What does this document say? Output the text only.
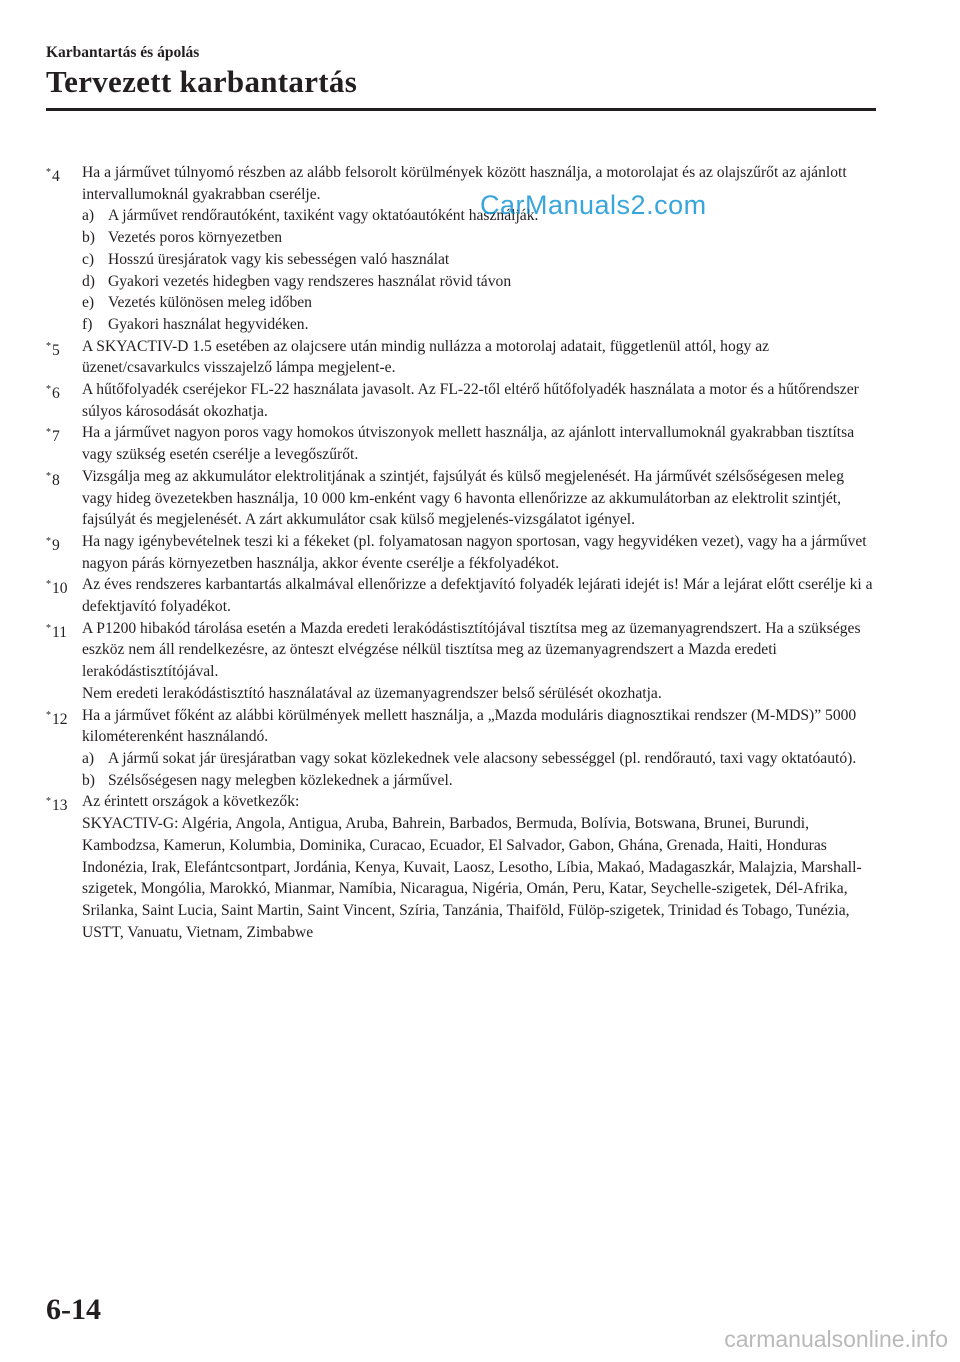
Karbantartás és ápolás
Tervezett karbantartás
*4	Ha a járművet túlnyomó részben az alább felsorolt körülmények között használja, a motorolajat és az olajszűrőt az ajánlott intervallumoknál gyakrabban cserélje.
a) A járművet rendőrautóként, taxiként vagy oktatóautóként használják.
b) Vezetés poros környezetben
c) Hosszú üresjáratok vagy kis sebességen való használat
d) Gyakori vezetés hidegben vagy rendszeres használat rövid távon
e) Vezetés különösen meleg időben
f)	Gyakori használat hegyvidéken.
*5	A SKYACTIV-D 1.5 esetében az olajcsere után mindig nullázza a motorolaj adatait, függetlenül attól, hogy az üzenet/csavarkulcs visszajelző lámpa megjelent-e.
*6	A hűtőfolyadék cseréjekor FL-22 használata javasolt. Az FL-22-től eltérő hűtőfolyadék használata a motor és a hűtőrendszer súlyos károsodását okozhatja.
*7	Ha a járművet nagyon poros vagy homokos útviszonyok mellett használja, az ajánlott intervallumoknál gyakrabban tisztítsa vagy szükség esetén cserélje a levegőszűrőt.
*8	Vizsgálja meg az akkumulátor elektrolitjának a szintjét, fajsúlyát és külső megjelenését. Ha járművét szélsőségesen meleg vagy hideg övezetekben használja, 10 000 km-enként vagy 6 havonta ellenőrizze az akkumulátorban az elektrolit szintjét, fajsúlyát és megjelenését. A zárt akkumulátor csak külső megjelenés-vizsgálatot igényel.
*9	Ha nagy igénybevételnek teszi ki a fékeket (pl. folyamatosan nagyon sportosan, vagy hegyvidéken vezet), vagy ha a járművet nagyon párás környezetben használja, akkor évente cserélje a fékfolyadékot.
*10 Az éves rendszeres karbantartás alkalmával ellenőrizze a defektjavító folyadék lejárati idejét is! Már a lejárat előtt cserélje ki a defektjavító folyadékot.
*11 A P1200 hibakód tárolása esetén a Mazda eredeti lerakódástisztítójával tisztítsa meg az üzemanyagrendszert. Ha a szükséges eszköz nem áll rendelkezésre, az önteszt elvégzése nélkül tisztítsa meg az üzemanyagrendszert a Mazda eredeti lerakódástisztítójával.
Nem eredeti lerakódástisztító használatával az üzemanyagrendszer belső sérülését okozhatja.
*12 Ha a járművet főként az alábbi körülmények mellett használja, a „Mazda moduláris diagnosztikai rendszer (M-MDS)” 5000 kilométerenként használandó.
a) A jármű sokat jár üresjáratban vagy sokat közlekednek vele alacsony sebességgel (pl. rendőrautó, taxi vagy oktatóautó).
b) Szélsőségesen nagy melegben közlekednek a járművel.
*13 Az érintett országok a következők:
SKYACTIV-G: Algéria, Angola, Antigua, Aruba, Bahrein, Barbados, Bermuda, Bolívia, Botswana, Brunei, Burundi, Kambodzsa, Kamerun, Kolumbia, Dominika, Curacao, Ecuador, El Salvador, Gabon, Ghána, Grenada, Haiti, Honduras Indonézia, Irak, Elefántcsontpart, Jordánia, Kenya, Kuvait, Laosz, Lesotho, Líbia, Makaó, Madagaszkár, Malajzia, Marshall-szigetek, Mongólia, Marokkó, Mianmar, Namíbia, Nicaragua, Nigéria, Omán, Peru, Katar, Seychelle-szigetek, Dél-Afrika, Srilanka, Saint Lucia, Saint Martin, Saint Vincent, Szíria, Tanzánia, Thaiföld, Fülöp-szigetek, Trinidad és Tobago, Tunézia, USTT, Vanuatu, Vietnam, Zimbabwe
CarManuals2.com
6-14
carmanualsonline.info
